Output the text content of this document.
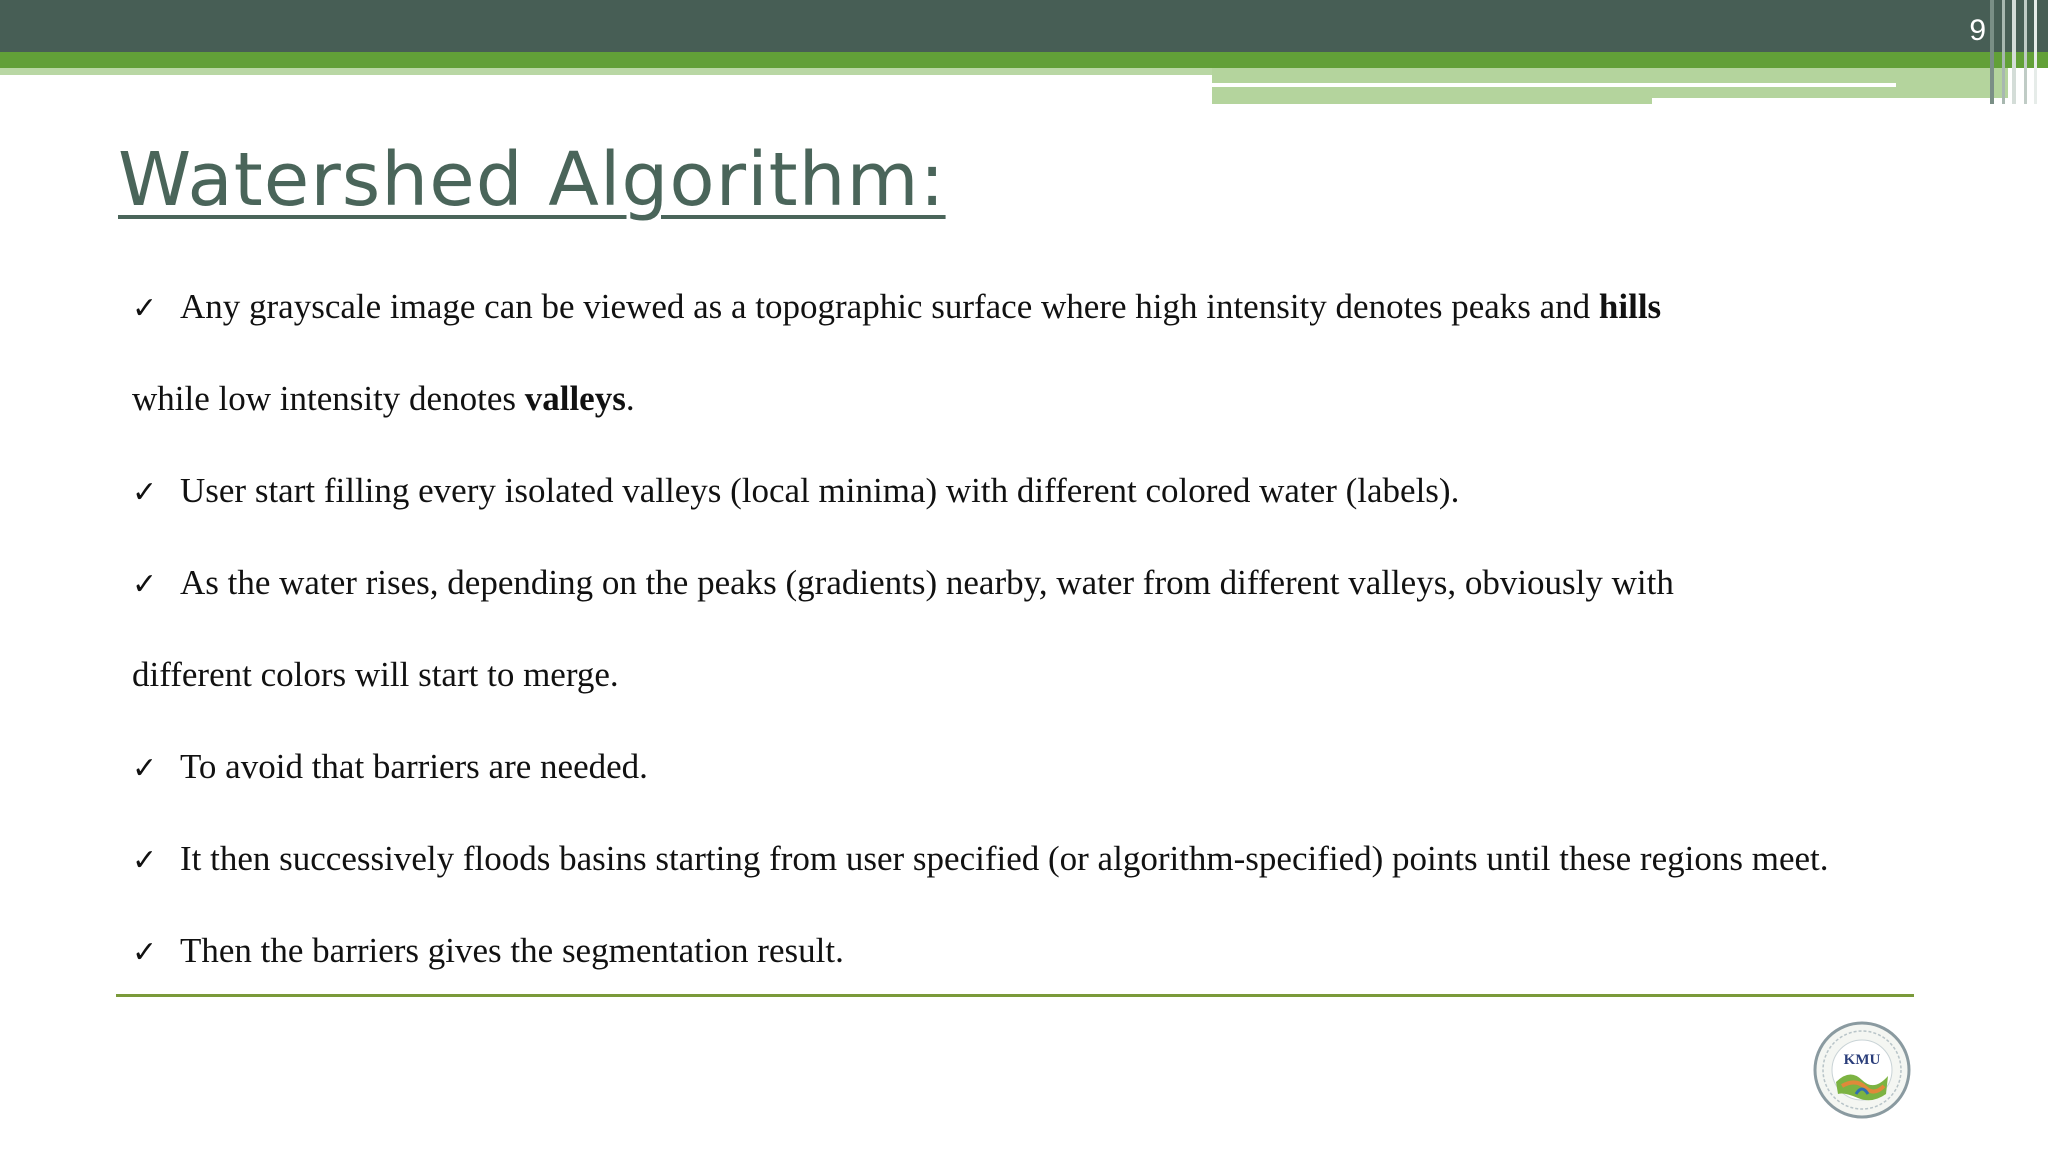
9
Watershed Algorithm:
✓ Any grayscale image can be viewed as a topographic surface where high intensity denotes peaks and hills
while low intensity denotes valleys.
✓ User start filling every isolated valleys (local minima) with different colored water (labels).
✓ As the water rises, depending on the peaks (gradients) nearby, water from different valleys, obviously with
different colors will start to merge.
✓ To avoid that barriers are needed.
✓ It then successively floods basins starting from user specified (or algorithm-specified) points until these regions meet.
✓ Then the barriers gives the segmentation result.
KMU
